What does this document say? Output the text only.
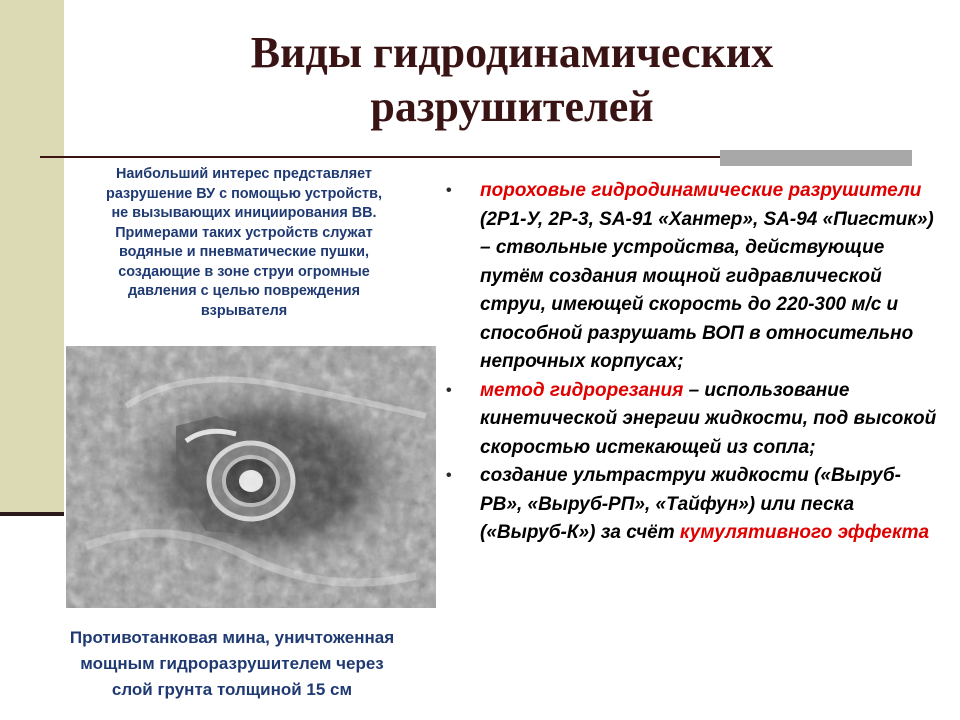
Виды гидродинамических
разрушителей

Наибольший интерес представляет
разрушение ВУ с помощью устройств,
не вызывающих инициирования ВВ.
Примерами таких устройств служат
водяные и пневматические пушки,
создающие в зоне струи огромные
давления с целью повреждения
взрывателя

Противотанковая мина, уничтоженная
мощным гидроразрушителем через
слой грунта толщиной 15 см

• пороховые гидродинамические разрушители (2Р1-У, 2Р-3, SA-91 «Хантер», SA-94 «Пигстик») – ствольные устройства, действующие путём создания мощной гидравлической струи, имеющей скорость до 220-300 м/с и способной разрушать ВОП в относительно непрочных корпусах;
• метод гидрорезания – использование кинетической энергии жидкости, под высокой скоростью истекающей из сопла;
• создание ультраструи жидкости («Выруб-РВ», «Выруб-РП», «Тайфун») или песка («Выруб-К») за счёт кумулятивного эффекта
